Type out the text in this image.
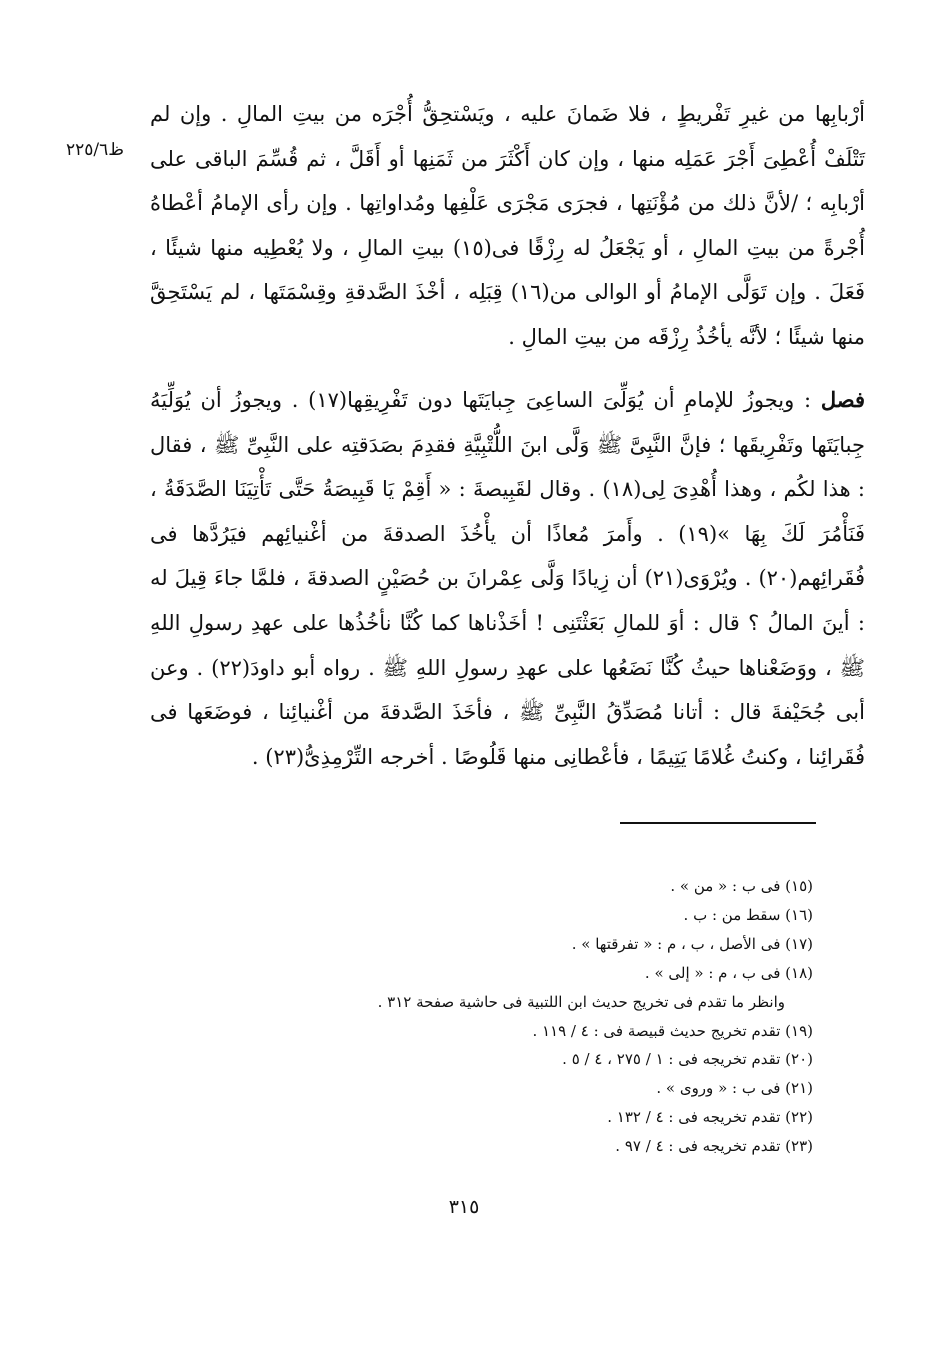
ظ٢٢٥/٦

أرْبابِها من غيرِ تَفْريطٍ ، فلا ضَمانَ عليه ، ويَسْتحِقُّ أُجْرَه من بيتِ المالِ . وإن لم تَتْلَفْ أُعْطِىَ أَجْرَ عَمَلِه منها ، وإن كان أَكْثَرَ من ثَمَنِها أو أَقَلَّ ، ثم قُسِّمَ الباقى على أرْبابِه ؛ /لأنَّ ذلك من مُؤْنَتِها ، فجرَى مَجْرَى عَلْفِها ومُداواتِها . وإن رأى الإمامُ أعْطاهُ أُجْرةً من بيتِ المالِ ، أو يَجْعَلُ له رِزْقًا فى(١٥) بيتِ المالِ ، ولا يُعْطِيه منها شيئًا ، فَعَلَ . وإن تَوَلَّى الإمامُ أو الوالى من(١٦) قِبَلِه ، أخْذَ الصَّدقةِ وقِسْمَتَها ، لم يَسْتَحِقَّ منها شيئًا ؛ لأنَّه يأخُذُ رِزْقَه من بيتِ المالِ .

فصل : ويجوزُ للإمامِ أن يُوَلِّىَ الساعِىَ جِبايَتَها دون تَفْرِيقِها(١٧) . ويجوزُ أن يُوَلِّيَهُ جِبايَتَها وتَفْرِيقَها ؛ فإنَّ النَّبِىَّ ﷺ وَلَّى ابنَ اللُّتْبِيَّةِ فقدِمَ بصَدَقتِه على النَّبِىِّ ﷺ ، فقال : هذا لكُم ، وهذا أُهْدِىَ لِى(١٨) . وقال لقَبِيصةَ : « أَقِمْ يَا قَبِيصَةُ حَتَّى تَأْتِيَنَا الصَّدَقَةُ ، فَنَأْمُرَ لَكَ بِهَا »(١٩) . وأَمرَ مُعاذًا أن يأْخُذَ الصدقةَ من أغْنيائِهم فيَرُدَّها فى فُقَرائِهم(٢٠) . ويُرْوَى(٢١) أن زِيادًا وَلَّى عِمْرانَ بن حُصَيْنٍ الصدقةَ ، فلمَّا جاءَ قِيلَ له : أينَ المالُ ؟ قال : أوَ للمالِ بَعَثْتَنِى ! أخَذْناها كما كُنَّا نأخُذُها على عهدِ رسولِ اللهِ ﷺ ، ووَضَعْناها حيثُ كُنَّا نَضَعُها على عهدِ رسولِ اللهِ ﷺ . رواه أبو داودَ(٢٢) . وعن أبى جُحَيْفةَ قال : أتانا مُصَدِّقُ النَّبِىِّ ﷺ ، فأخَذَ الصَّدقةَ من أغْنيائِنا ، فوضَعَها فى فُقَرائِنا ، وكنتُ غُلامًا يَتِيمًا ، فأعْطانِى منها قَلُوصًا . أخرجه التِّرْمِذِىُّ(٢٣) .

(١٥) فى ب : « من » .
(١٦) سقط من : ب .
(١٧) فى الأصل ، ب ، م : « تفرقتها » .
(١٨) فى ب ، م : « إلى » .
وانظر ما تقدم فى تخريج حديث ابن اللتبية فى حاشية صفحة ٣١٢ .
(١٩) تقدم تخريج حديث قبيصة فى : ٤ / ١١٩ .
(٢٠) تقدم تخريجه فى : ١ / ٢٧٥ ، ٤ / ٥ .
(٢١) فى ب : « وروى » .
(٢٢) تقدم تخريجه فى : ٤ / ١٣٢ .
(٢٣) تقدم تخريجه فى : ٤ / ٩٧ .
٣١٥
